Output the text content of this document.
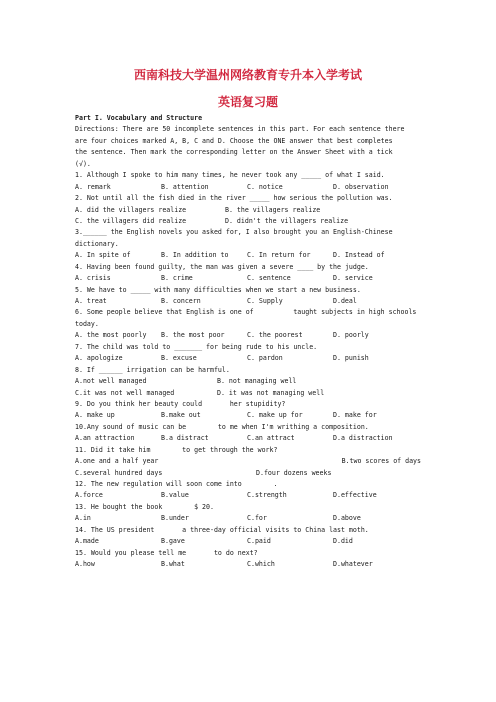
西南科技大学温州网络教育专升本入学考试
英语复习题
Part I. Vocabulary and Structure
Directions: There are 50 incomplete sentences in this part. For each sentence there
are four choices marked A, B, C and D. Choose the ONE answer that best completes
the sentence. Then mark the corresponding letter on the Answer Sheet with a tick
(√).
1. Although I spoke to him many times, he never took any _____ of what I said.
A. remark	B. attention	C. notice	D. observation
2. Not until all the fish died in the river _____ how serious the pollution was.
A. did the villagers realize	B. the villagers realize
C. the villagers did realize	D. didn't the villagers realize
3.______ the English novels you asked for, I also brought you an English-Chinese
dictionary.
A. In spite of	B. In addition to	C. In return for	D. Instead of
4. Having been found guilty, the man was given a severe ____ by the judge.
A. crisis	B. crime	C. sentence	D. service
5. We have to _____ with many difficulties when we start a new business.
A. treat	B. concern	C. Supply	D.deal
6. Some people believe that English is one of          taught subjects in high schools
today.
A. the most poorly	B. the most poor	C. the poorest	D. poorly
7. The child was told to _______ for being rude to his uncle.
A. apologize	B. excuse	C. pardon	D. punish
8. If ______ irrigation can be harmful.
A.not well managed	B. not managing well
C.it was not well managed	D. it was not managing well
9. Do you think her beauty could       her stupidity?
A. make up	B.make out	C. make up for	D. make for
10.Any sound of music can be        to me when I'm writhing a composition.
A.an attraction	B.a distract	C.an attract	D.a distraction
11. Did it take him        to get through the work?
A.one and a half year	B.two scores of days
C.several hundred days	D.four dozens weeks
12. The new regulation will soon come into        .
A.force	B.value	C.strength	D.effective
13. He bought the book        $ 20.
A.in	B.under	C.for	D.above
14. The US president       a three-day official visits to China last moth.
A.made	B.gave	C.paid	D.did
15. Would you please tell me       to do next?
A.how	B.what	C.which	D.whatever
